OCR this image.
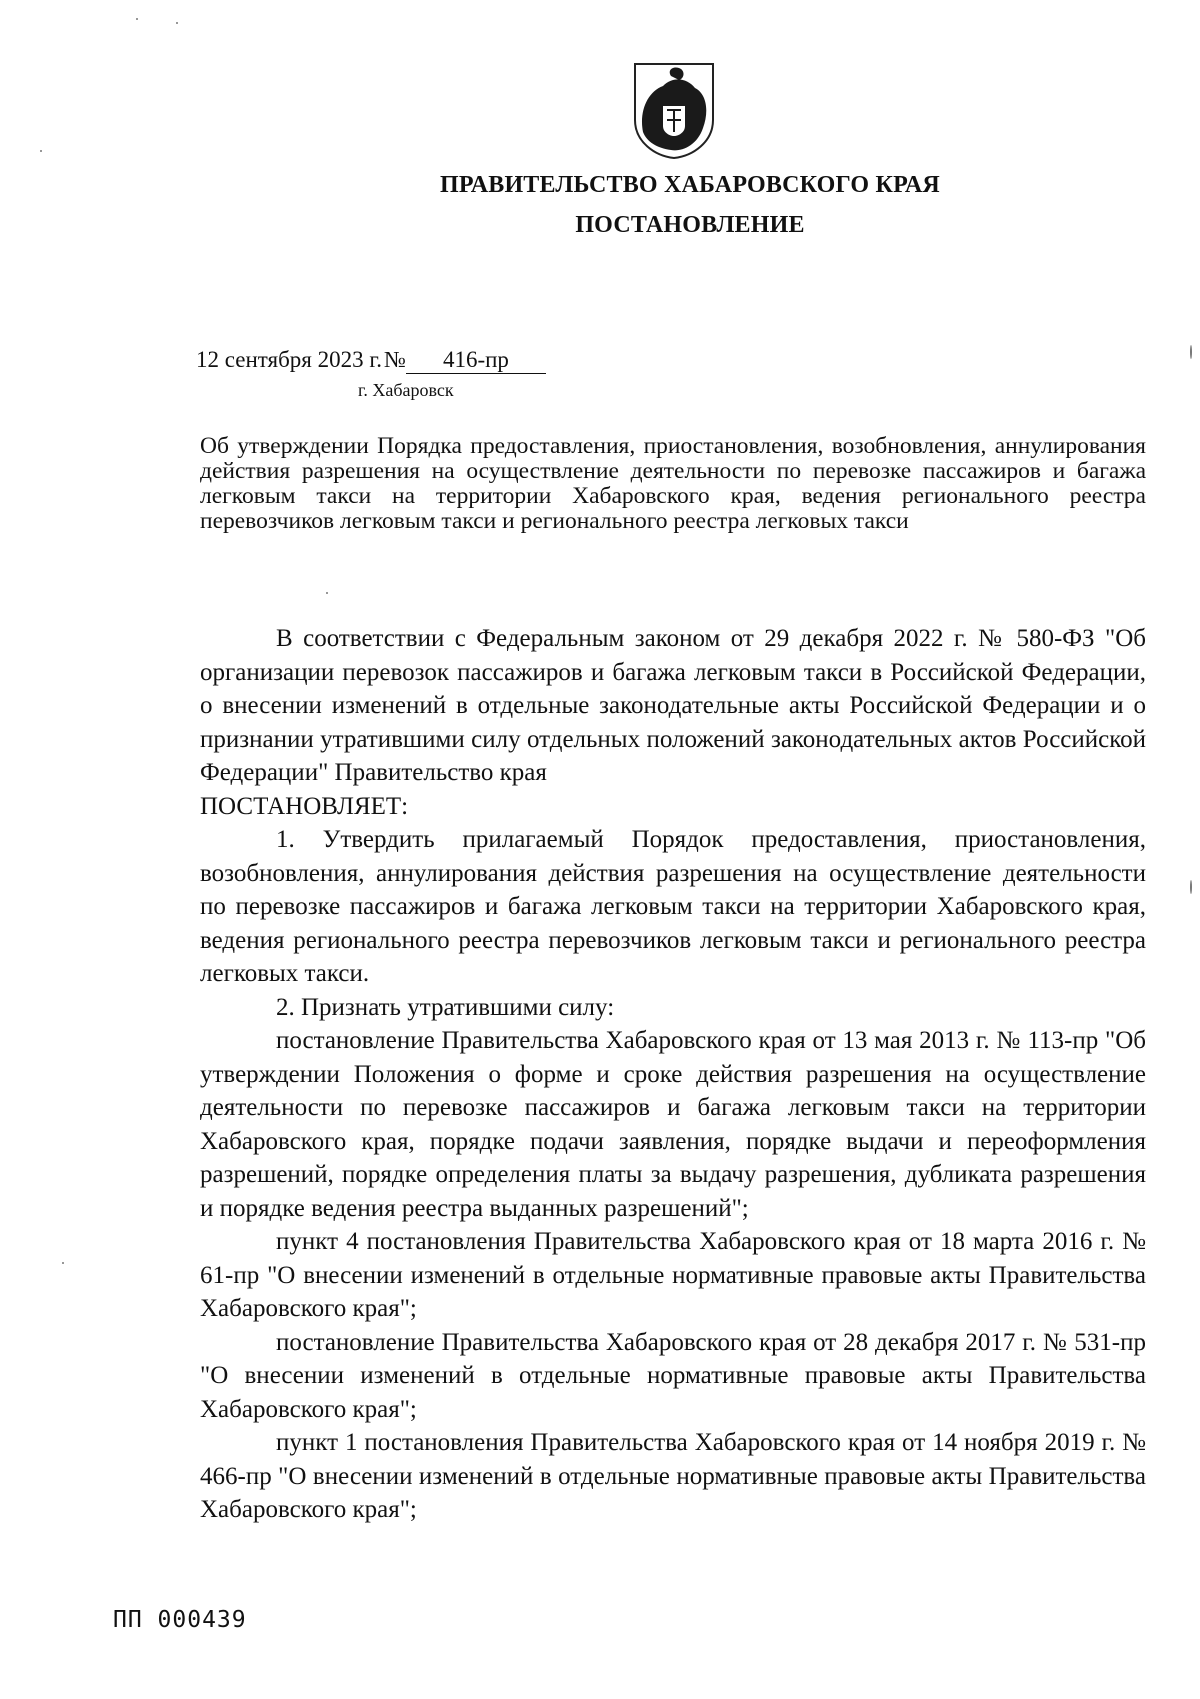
ПРАВИТЕЛЬСТВО ХАБАРОВСКОГО КРАЯ
ПОСТАНОВЛЕНИЕ
12 сентября 2023 г.№ 416-пр
г. Хабаровск
Об утверждении Порядка предоставления, приостановления, возобновления, аннулирования действия разрешения на осуществление деятельности по перевозке пассажиров и багажа легковым такси на территории Хабаровского края, ведения регионального реестра перевозчиков легковым такси и регионального реестра легковых такси

В соответствии с Федеральным законом от 29 декабря 2022 г. № 580-ФЗ "Об организации перевозок пассажиров и багажа легковым такси в Российской Федерации, о внесении изменений в отдельные законодательные акты Российской Федерации и о признании утратившими силу отдельных положений законодательных актов Российской Федерации" Правительство края

ПОСТАНОВЛЯЕТ:

1. Утвердить прилагаемый Порядок предоставления, приостановления, возобновления, аннулирования действия разрешения на осуществление деятельности по перевозке пассажиров и багажа легковым такси на территории Хабаровского края, ведения регионального реестра перевозчиков легковым такси и регионального реестра легковых такси.

2. Признать утратившими силу:

постановление Правительства Хабаровского края от 13 мая 2013 г. № 113-пр "Об утверждении Положения о форме и сроке действия разрешения на осуществление деятельности по перевозке пассажиров и багажа легковым такси на территории Хабаровского края, порядке подачи заявления, порядке выдачи и переоформления разрешений, порядке определения платы за выдачу разрешения, дубликата разрешения и порядке ведения реестра выданных разрешений";

пункт 4 постановления Правительства Хабаровского края от 18 марта 2016 г. № 61-пр "О внесении изменений в отдельные нормативные правовые акты Правительства Хабаровского края";

постановление Правительства Хабаровского края от 28 декабря 2017 г. № 531-пр "О внесении изменений в отдельные нормативные правовые акты Правительства Хабаровского края";

пункт 1 постановления Правительства Хабаровского края от 14 ноября 2019 г. № 466-пр "О внесении изменений в отдельные нормативные правовые акты Правительства Хабаровского края";

ПП 000439
